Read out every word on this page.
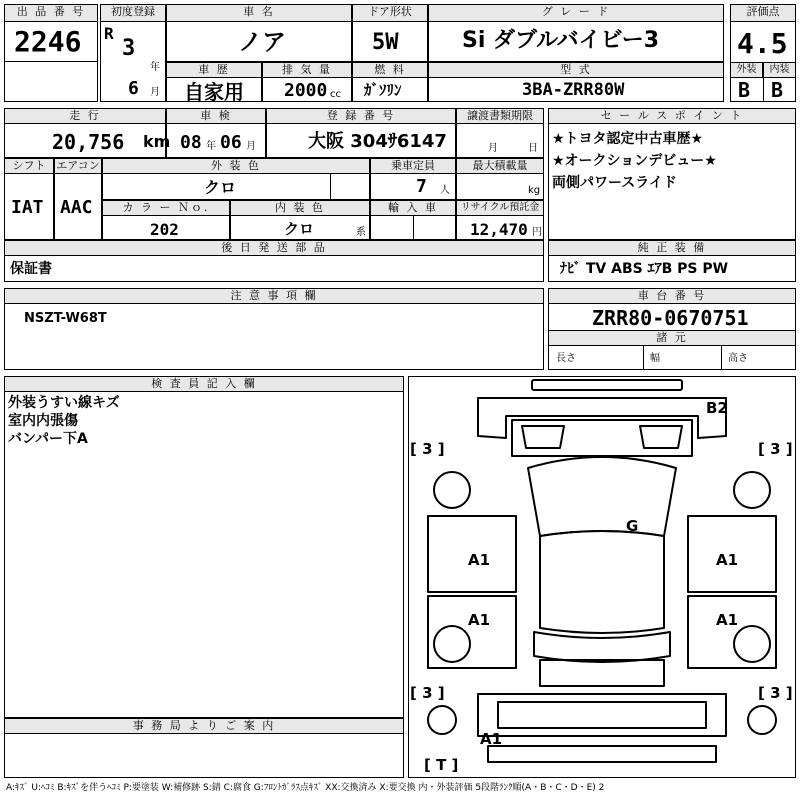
出 品 番 号
2246
初度登録
R
3
年
6 月
車 名
ノア
ドア形状
5W
グ レ ー ド
Si ダブルバイビー3
評価点
4.5
外装	内装
B B
車 歴
自家用
排 気 量
2000 cc
燃 料
ｶﾞｿﾘﾝ
型 式
3BA-ZRR80W
走 行
20,756 km
車 検
08 年 06 月
登 録 番 号
大阪 304ｻ6147
譲渡書類期限
月	日
セ ー ル ス ポ イ ン ト
★トヨタ認定中古車歴★
★オークションデビュー★
両側パワースライド
シフト
IAT
エアコン
AAC
外 装 色
クロ
乗車定員
7 人
最大積載量
kg
カ ラ ー Ｎｏ.
202
内 装 色
クロ	系
輸 入 車	リサイクル預託金
12,470 円
後 日 発 送 部 品
保証書
純 正 装 備
ﾅﾋﾞ TV ABS ｴｱB PS PW
注 意 事 項 欄
NSZT-W68T
車 台 番 号
ZRR80-0670751
諸 元
長さ	幅	高さ
検 査 員 記 入 欄
外装うすい線キズ
室内内張傷
バンパー下A
事 務 局 よ り ご 案 内
B2
G
A1	A1
A1	A1
A1
[ 3 ]	[ 3 ]
[ 3 ]	[ 3 ]
[ T ]
A:ｷｽﾞ U:ﾍｺﾐ B:ｷｽﾞを伴うﾍｺﾐ P:要塗装 W:補修跡 S:錆 C:腐食 G:ﾌﾛﾝﾄｶﾞﾗｽ点ｷｽﾞ XX:交換済み X:要交換 内・外装評価 5段階ﾗﾝｸ順(A・B・C・D・E) 2
